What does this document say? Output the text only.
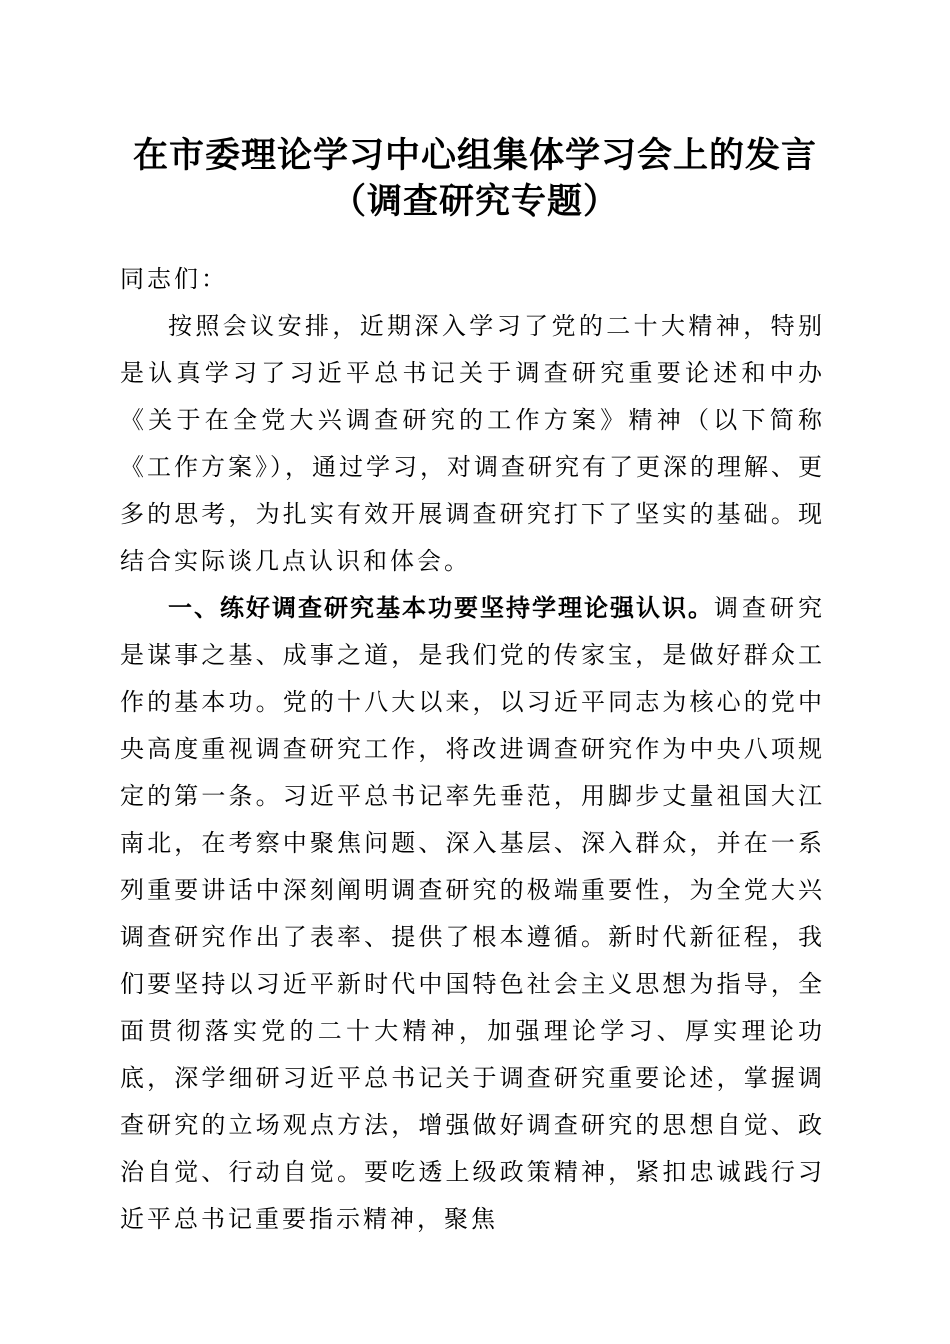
在市委理论学习中心组集体学习会上的发言
（调查研究专题）

同志们：

按照会议安排，近期深入学习了党的二十大精神，特别是认真学习了习近平总书记关于调查研究重要论述和中办《关于在全党大兴调查研究的工作方案》精神（以下简称《工作方案》），通过学习，对调查研究有了更深的理解、更多的思考，为扎实有效开展调查研究打下了坚实的基础。现结合实际谈几点认识和体会。

一、练好调查研究基本功要坚持学理论强认识。调查研究是谋事之基、成事之道，是我们党的传家宝，是做好群众工作的基本功。党的十八大以来，以习近平同志为核心的党中央高度重视调查研究工作，将改进调查研究作为中央八项规定的第一条。习近平总书记率先垂范，用脚步丈量祖国大江南北，在考察中聚焦问题、深入基层、深入群众，并在一系列重要讲话中深刻阐明调查研究的极端重要性，为全党大兴调查研究作出了表率、提供了根本遵循。新时代新征程，我们要坚持以习近平新时代中国特色社会主义思想为指导，全面贯彻落实党的二十大精神，加强理论学习、厚实理论功底，深学细研习近平总书记关于调查研究重要论述，掌握调查研究的立场观点方法，增强做好调查研究的思想自觉、政治自觉、行动自觉。要吃透上级政策精神，紧扣忠诚践行习近平总书记重要指示精神，聚焦
